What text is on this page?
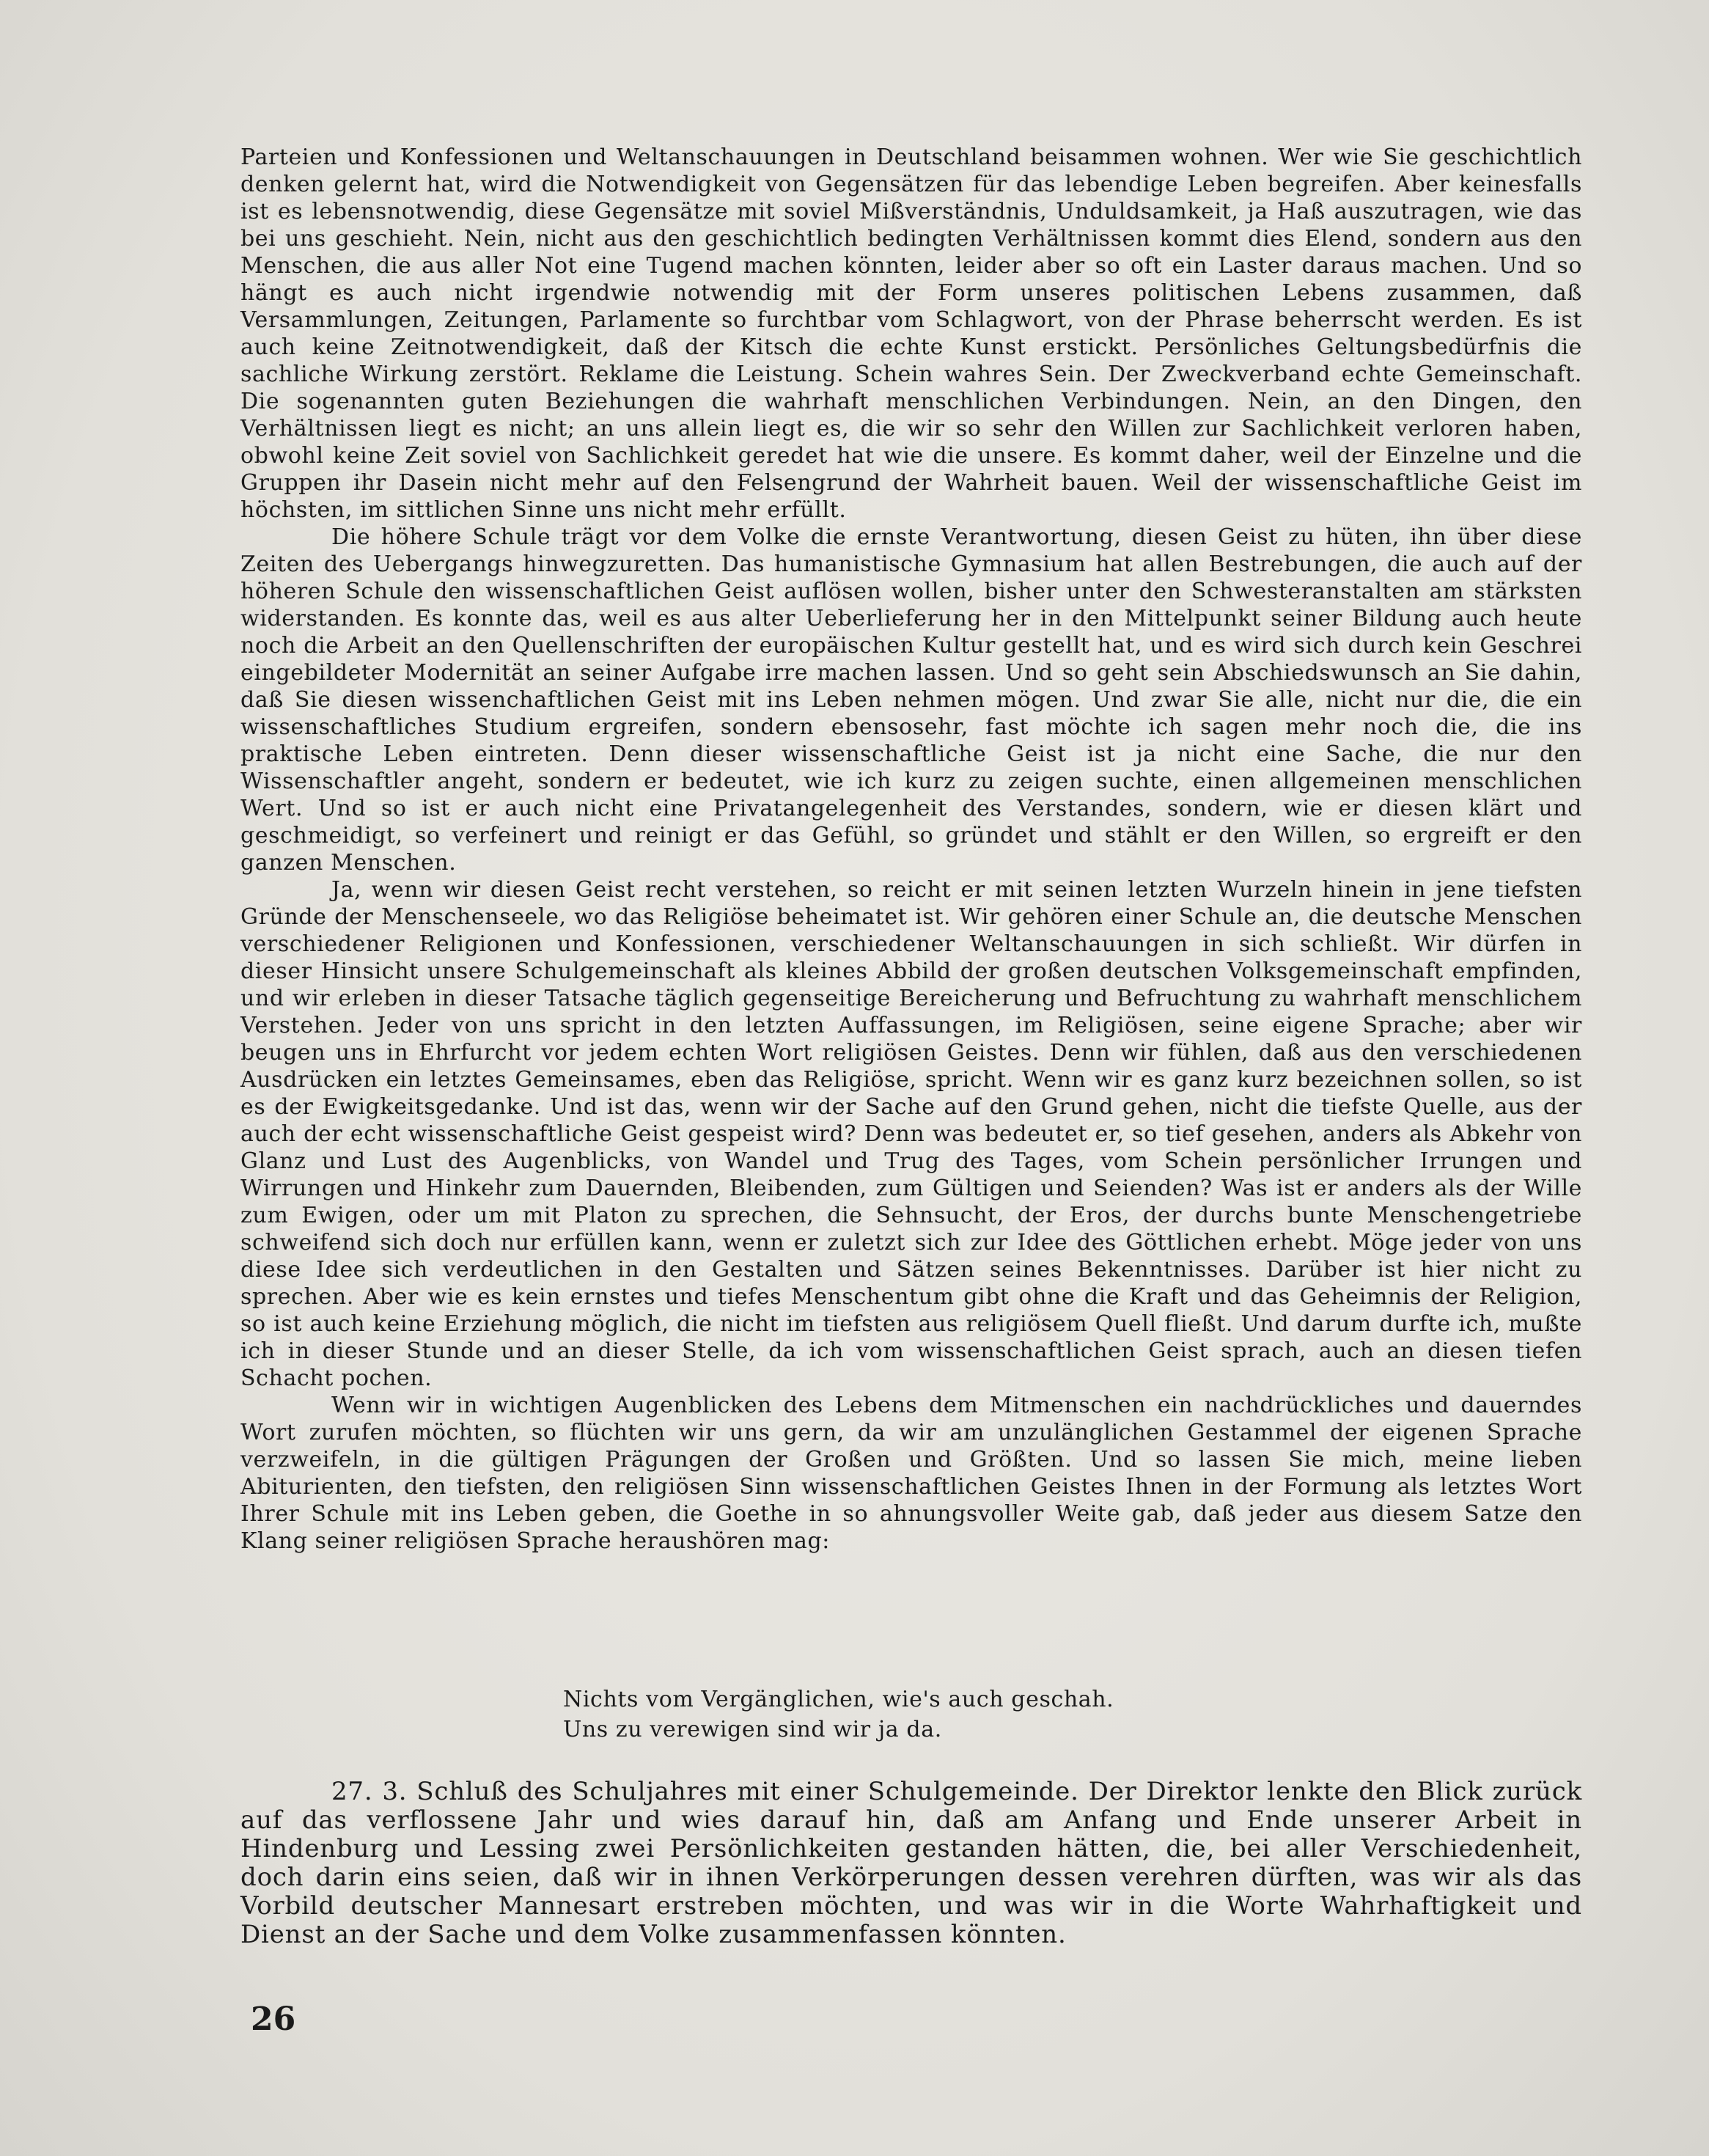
Parteien und Konfessionen und Weltanschauungen in Deutschland beisammen wohnen. Wer wie Sie geschichtlich denken gelernt hat, wird die Notwendigkeit von Gegensätzen für das lebendige Leben begreifen. Aber keinesfalls ist es lebensnotwendig, diese Gegensätze mit soviel Mißverständnis, Unduldsamkeit, ja Haß auszutragen, wie das bei uns geschieht. Nein, nicht aus den geschichtlich bedingten Verhältnissen kommt dies Elend, sondern aus den Menschen, die aus aller Not eine Tugend machen könnten, leider aber so oft ein Laster daraus machen. Und so hängt es auch nicht irgendwie notwendig mit der Form unseres politischen Lebens zusammen, daß Versammlungen, Zeitungen, Parlamente so furchtbar vom Schlagwort, von der Phrase beherrscht werden. Es ist auch keine Zeitnotwendigkeit, daß der Kitsch die echte Kunst erstickt. Persönliches Geltungsbedürfnis die sachliche Wirkung zerstört. Reklame die Leistung. Schein wahres Sein. Der Zweckverband echte Gemeinschaft. Die sogenannten guten Beziehungen die wahrhaft menschlichen Verbindungen. Nein, an den Dingen, den Verhältnissen liegt es nicht; an uns allein liegt es, die wir so sehr den Willen zur Sachlichkeit verloren haben, obwohl keine Zeit soviel von Sachlichkeit geredet hat wie die unsere. Es kommt daher, weil der Einzelne und die Gruppen ihr Dasein nicht mehr auf den Felsengrund der Wahrheit bauen. Weil der wissenschaftliche Geist im höchsten, im sittlichen Sinne uns nicht mehr erfüllt.

Die höhere Schule trägt vor dem Volke die ernste Verantwortung, diesen Geist zu hüten, ihn über diese Zeiten des Uebergangs hinwegzuretten. Das humanistische Gymnasium hat allen Bestrebungen, die auch auf der höheren Schule den wissenschaftlichen Geist auflösen wollen, bisher unter den Schwesteranstalten am stärksten widerstanden. Es konnte das, weil es aus alter Ueberlieferung her in den Mittelpunkt seiner Bildung auch heute noch die Arbeit an den Quellenschriften der europäischen Kultur gestellt hat, und es wird sich durch kein Geschrei eingebildeter Modernität an seiner Aufgabe irre machen lassen. Und so geht sein Abschiedswunsch an Sie dahin, daß Sie diesen wissenchaftlichen Geist mit ins Leben nehmen mögen. Und zwar Sie alle, nicht nur die, die ein wissenschaftliches Studium ergreifen, sondern ebensosehr, fast möchte ich sagen mehr noch die, die ins praktische Leben eintreten. Denn dieser wissenschaftliche Geist ist ja nicht eine Sache, die nur den Wissenschaftler angeht, sondern er bedeutet, wie ich kurz zu zeigen suchte, einen allgemeinen menschlichen Wert. Und so ist er auch nicht eine Privatangelegenheit des Verstandes, sondern, wie er diesen klärt und geschmeidigt, so verfeinert und reinigt er das Gefühl, so gründet und stählt er den Willen, so ergreift er den ganzen Menschen.

Ja, wenn wir diesen Geist recht verstehen, so reicht er mit seinen letzten Wurzeln hinein in jene tiefsten Gründe der Menschenseele, wo das Religiöse beheimatet ist. Wir gehören einer Schule an, die deutsche Menschen verschiedener Religionen und Konfessionen, verschiedener Weltanschauungen in sich schließt. Wir dürfen in dieser Hinsicht unsere Schulgemeinschaft als kleines Abbild der großen deutschen Volksgemeinschaft empfinden, und wir erleben in dieser Tatsache täglich gegenseitige Bereicherung und Befruchtung zu wahrhaft menschlichem Verstehen. Jeder von uns spricht in den letzten Auffassungen, im Religiösen, seine eigene Sprache; aber wir beugen uns in Ehrfurcht vor jedem echten Wort religiösen Geistes. Denn wir fühlen, daß aus den verschiedenen Ausdrücken ein letztes Gemeinsames, eben das Religiöse, spricht. Wenn wir es ganz kurz bezeichnen sollen, so ist es der Ewigkeitsgedanke. Und ist das, wenn wir der Sache auf den Grund gehen, nicht die tiefste Quelle, aus der auch der echt wissenschaftliche Geist gespeist wird? Denn was bedeutet er, so tief gesehen, anders als Abkehr von Glanz und Lust des Augenblicks, von Wandel und Trug des Tages, vom Schein persönlicher Irrungen und Wirrungen und Hinkehr zum Dauernden, Bleibenden, zum Gültigen und Seienden? Was ist er anders als der Wille zum Ewigen, oder um mit Platon zu sprechen, die Sehnsucht, der Eros, der durchs bunte Menschengetriebe schweifend sich doch nur erfüllen kann, wenn er zuletzt sich zur Idee des Göttlichen erhebt. Möge jeder von uns diese Idee sich verdeutlichen in den Gestalten und Sätzen seines Bekenntnisses. Darüber ist hier nicht zu sprechen. Aber wie es kein ernstes und tiefes Menschentum gibt ohne die Kraft und das Geheimnis der Religion, so ist auch keine Erziehung möglich, die nicht im tiefsten aus religiösem Quell fließt. Und darum durfte ich, mußte ich in dieser Stunde und an dieser Stelle, da ich vom wissenschaftlichen Geist sprach, auch an diesen tiefen Schacht pochen.

Wenn wir in wichtigen Augenblicken des Lebens dem Mitmenschen ein nachdrückliches und dauerndes Wort zurufen möchten, so flüchten wir uns gern, da wir am unzulänglichen Gestammel der eigenen Sprache verzweifeln, in die gültigen Prägungen der Großen und Größten. Und so lassen Sie mich, meine lieben Abiturienten, den tiefsten, den religiösen Sinn wissenschaftlichen Geistes Ihnen in der Formung als letztes Wort Ihrer Schule mit ins Leben geben, die Goethe in so ahnungsvoller Weite gab, daß jeder aus diesem Satze den Klang seiner religiösen Sprache heraushören mag:

Nichts vom Vergänglichen, wie's auch geschah.
Uns zu verewigen sind wir ja da.
27. 3. Schluß des Schuljahres mit einer Schulgemeinde. Der Direktor lenkte den Blick zurück auf das verflossene Jahr und wies darauf hin, daß am Anfang und Ende unserer Arbeit in Hindenburg und Lessing zwei Persönlichkeiten gestanden hätten, die, bei aller Verschiedenheit, doch darin eins seien, daß wir in ihnen Verkörperungen dessen verehren dürften, was wir als das Vorbild deutscher Mannesart erstreben möchten, und was wir in die Worte Wahrhaftigkeit und Dienst an der Sache und dem Volke zusammenfassen könnten.
26
